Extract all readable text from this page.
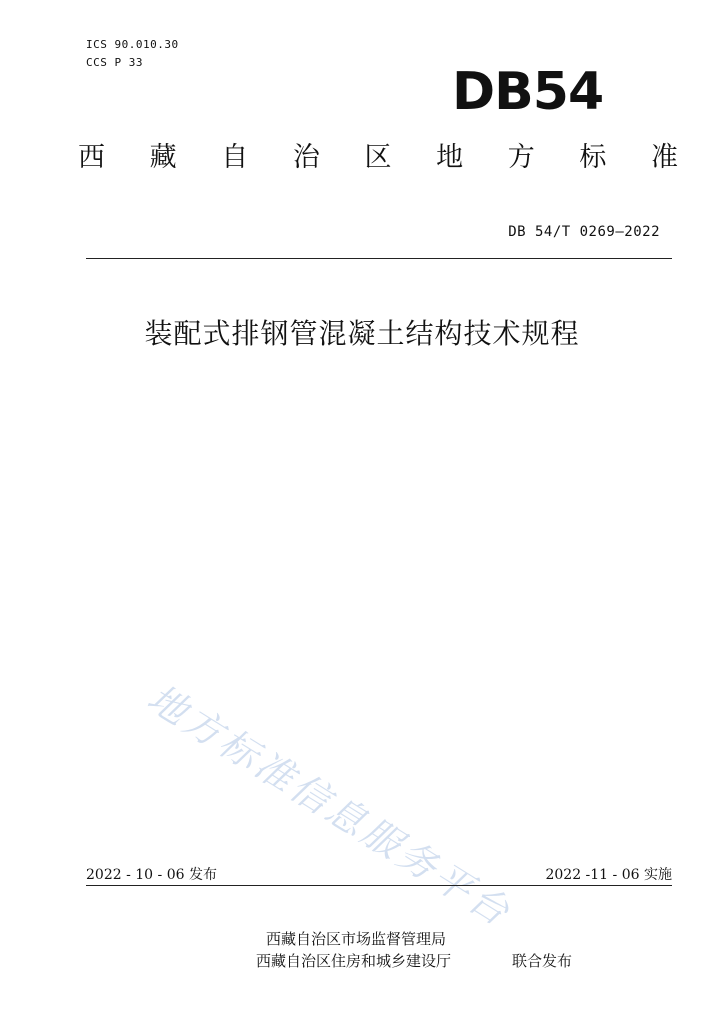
ICS 90.010.30
CCS P 33	DB54
西 藏 自 治 区 地 方 标 准
DB 54/T 0269—2022
装配式排钢管混凝土结构技术规程
地
方
标
准
信
息
服
务
平
台
2022 - 10 - 06 发布	2022 -11 - 06 实施
西藏自治区市场监督管理局
西藏自治区住房和城乡建设厅	联合发布
